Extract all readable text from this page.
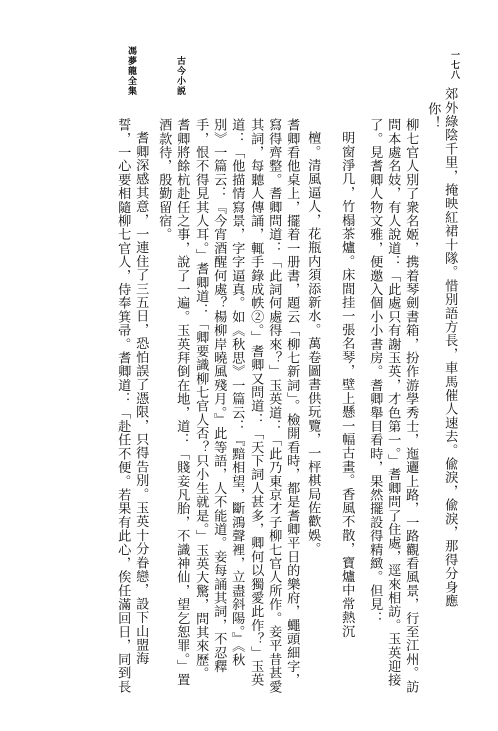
一七八
古今小説
馮夢龍全集
郊外綠陰千里，掩映紅裙十隊。惜別語方長，車馬催人速去。偸淚，偸淚，那得分身應
你！
檀。清風逼人，花瓶内須添新水。萬卷圖書供玩覽，一枰棋局佐歡娛。	柳七官人別了衆名姬，携着琴劍書箱，扮作游學秀士，迤邐上路，一路觀看風景，行至江州。訪
問本處名妓，有人說道：「此處只有謝玉英，才色第一。」耆卿問了住處，逕來相訪。玉英迎接
了。見耆卿人物文雅，便邀入個小小書房。耆卿舉目看時，果然擺設得精緻。但見：
明窗淨几，竹榻茶爐。床間挂一張名琴，壁上懸一幅古畫。香風不散，寶爐中常熱沉
耆卿看他桌上，擺着一册書，題云「柳七新詞」。檢開看時，都是耆卿平日的樂府，蠅頭細字，
寫得齊整。耆卿問道：「此詞何處得來？」玉英道：「此乃東京才子柳七官人所作。妾平昔甚愛
其詞，每聽人傳誦，輒手錄成帙②。」耆卿又問道：「天下詞人甚多，卿何以獨愛此作？」玉英
道：「他描情寫景，字字逼真。如《秋思》一篇云：『黯相望，斷鴻聲裡，立盡斜陽。』《秋
別》一篇云：『今宵酒醒何處？楊柳岸曉風殘月。』此等語，人不能道。妾每誦其詞，不忍釋
手，恨不得見其人耳。」耆卿道：「卿要識柳七官人否？只小生就是。」玉英大驚，問其來歷。
耆卿將餘杭赴任之事，說了一遍。玉英拜倒在地，道：「賤妾凡胎，不識神仙，望乞恕罪。」置
酒款待，殷勤留宿。
耆卿深感其意，一連住了三五日，恐怕誤了憑限，只得告別。玉英十分眷戀，設下山盟海
誓，一心要相隨柳七官人，侍奉箕帚。耆卿道：「赴任不便。若果有此心，俟任滿回日，同到長
